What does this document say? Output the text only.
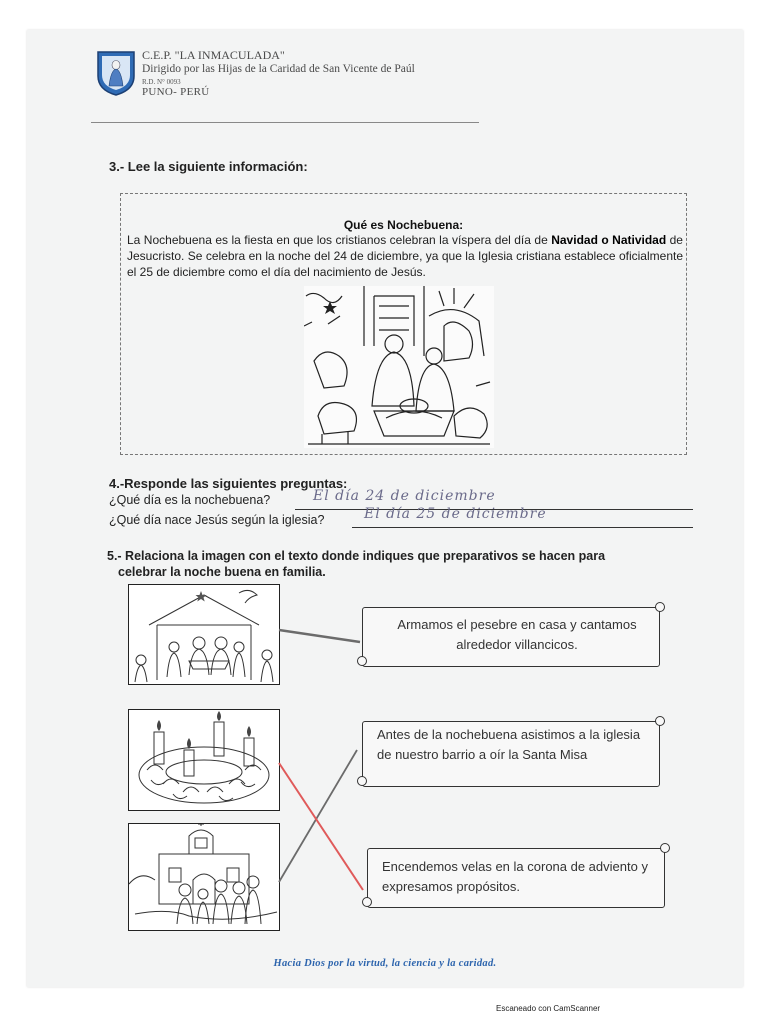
C.E.P. "LA INMACULADA"
Dirigido por las Hijas de la Caridad de San Vicente de Paúl
R.D. N° 0093
PUNO- PERÚ
3.- Lee la siguiente información:
Qué es Nochebuena:
La Nochebuena es la fiesta en que los cristianos celebran la víspera del día de Navidad o Natividad de Jesucristo. Se celebra en la noche del 24 de diciembre, ya que la Iglesia cristiana establece oficialmente el 25 de diciembre como el día del nacimiento de Jesús.
4.-Responde las siguientes preguntas:
¿Qué día es la nochebuena?	El día 24 de diciembre
¿Qué día nace Jesús según la iglesia?	El día 25 de diciembre
5.- Relaciona la imagen con el texto donde indiques que preparativos se hacen para
celebrar la noche buena en familia.
Armamos el pesebre en casa y cantamos alrededor villancicos.
Antes de la nochebuena asistimos a la iglesia de nuestro barrio a oír la Santa Misa
Encendemos velas en la corona de adviento y expresamos propósitos.
Hacia Dios por la virtud, la ciencia y la caridad.
Escaneado con CamScanner
